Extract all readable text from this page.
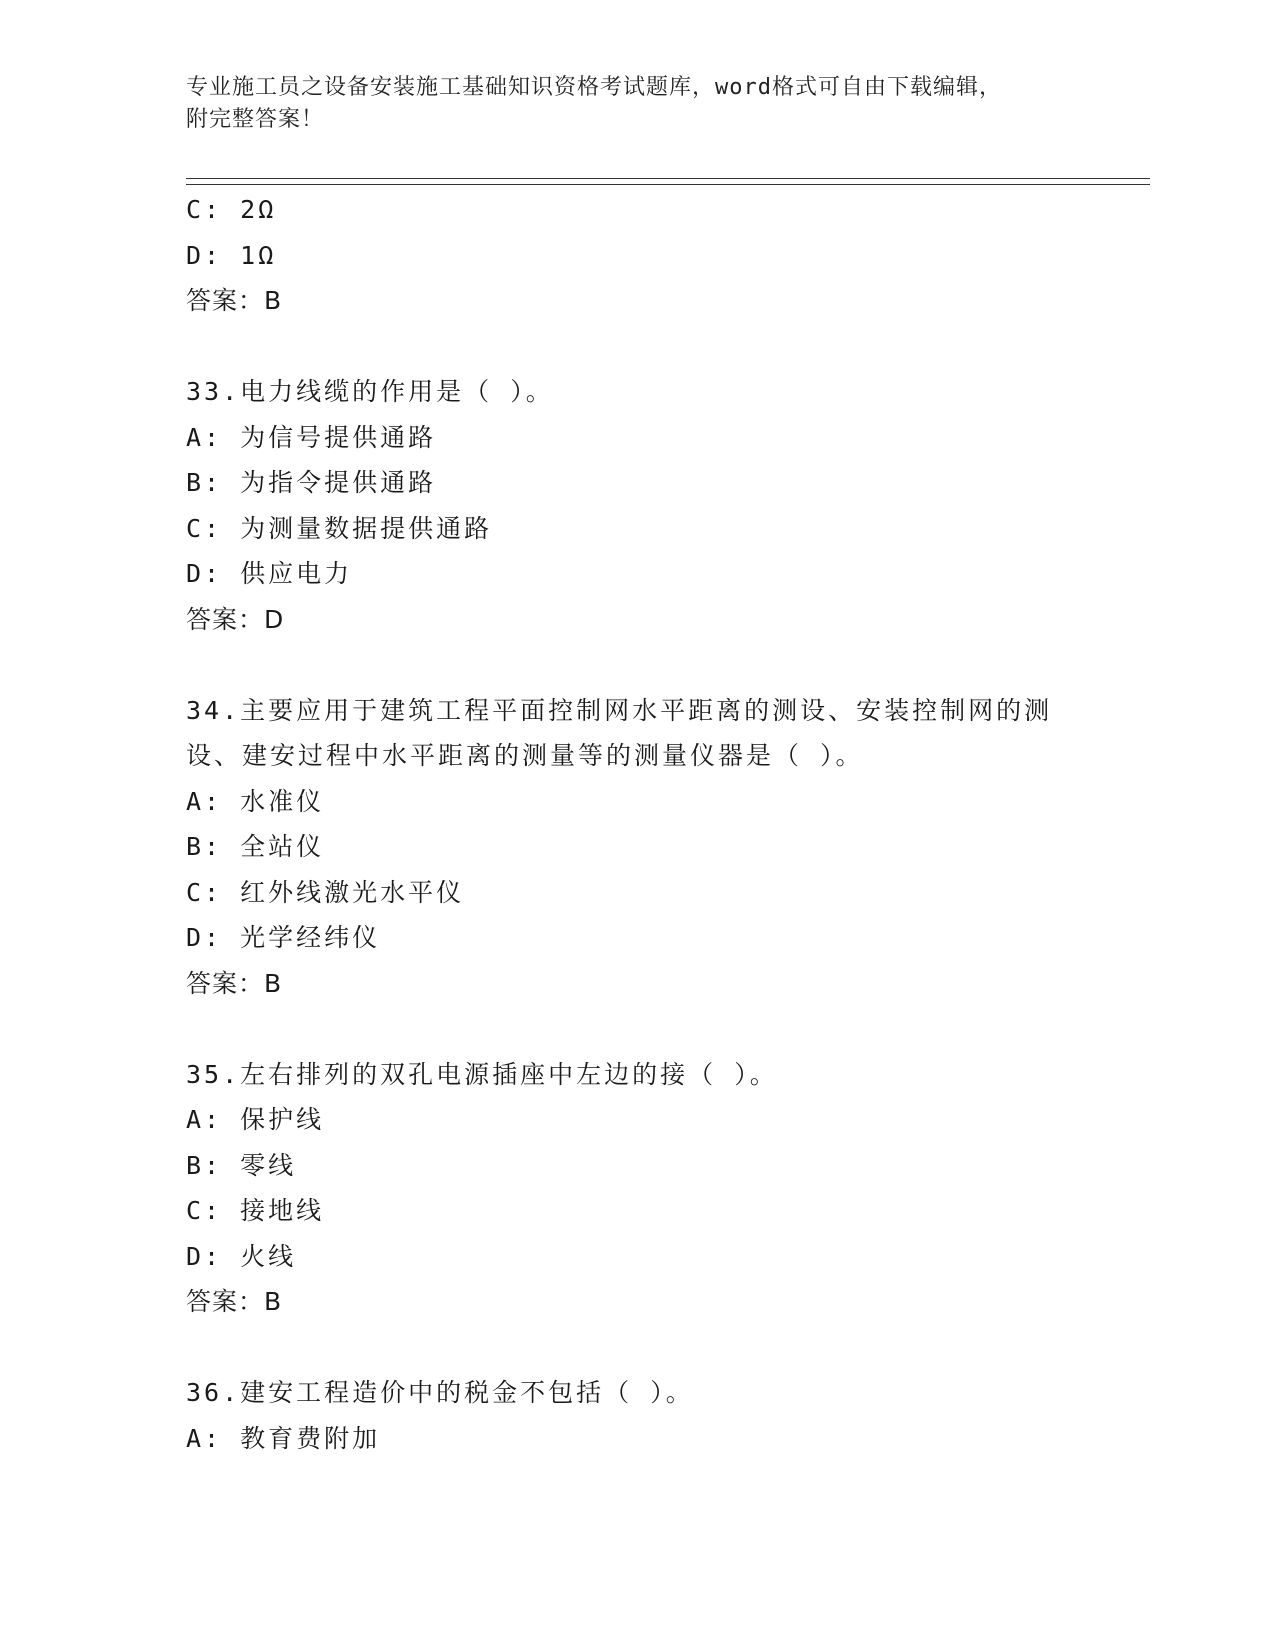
专业施工员之设备安装施工基础知识资格考试题库，word格式可自由下载编辑，
附完整答案！
C: 2Ω
D: 1Ω
答案：B
33.电力线缆的作用是（ ）。
A: 为信号提供通路
B: 为指令提供通路
C: 为测量数据提供通路
D: 供应电力
答案：D
34.主要应用于建筑工程平面控制网水平距离的测设、安装控制网的测
设、建安过程中水平距离的测量等的测量仪器是（ ）。
A: 水准仪
B: 全站仪
C: 红外线激光水平仪
D: 光学经纬仪
答案：B
35.左右排列的双孔电源插座中左边的接（ ）。
A: 保护线
B: 零线
C: 接地线
D: 火线
答案：B
36.建安工程造价中的税金不包括（ ）。
A: 教育费附加
